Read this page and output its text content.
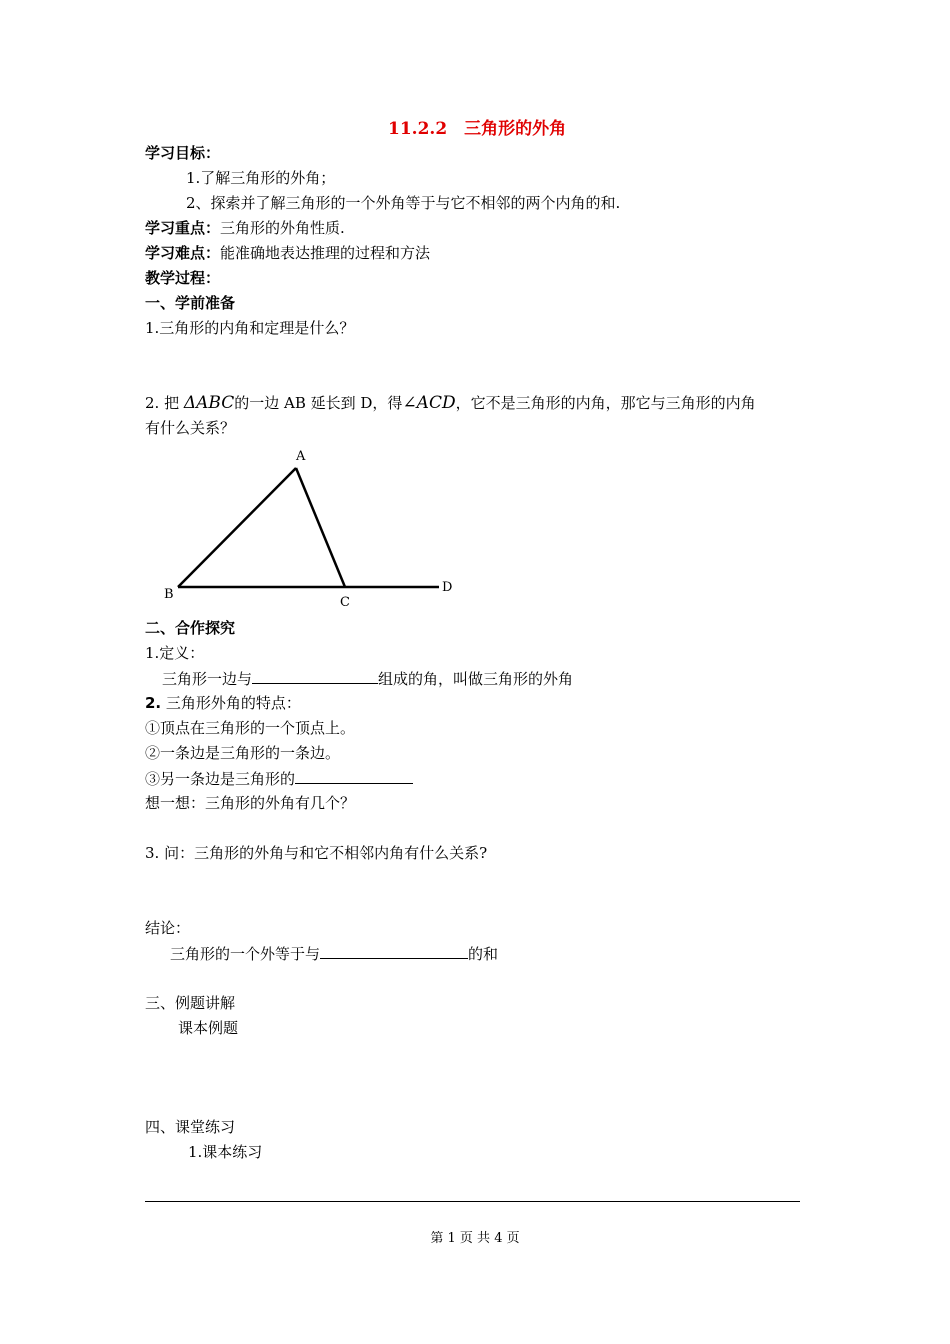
11.2.2　三角形的外角
学习目标：
1.了解三角形的外角；
2、探索并了解三角形的一个外角等于与它不相邻的两个内角的和.
学习重点：三角形的外角性质.
学习难点：能准确地表达推理的过程和方法
教学过程：
一、学前准备
1.三角形的内角和定理是什么？
2. 把 ΔABC的一边 AB 延长到 D，得∠ACD，它不是三角形的内角，那它与三角形的内角
有什么关系？
A
B
C
D
二、合作探究
1.定义：
三角形一边与	组成的角，叫做三角形的外角
2. 三角形外角的特点：
①顶点在三角形的一个顶点上。
②一条边是三角形的一条边。
③另一条边是三角形的
想一想：三角形的外角有几个？
3. 问：三角形的外角与和它不相邻内角有什么关系?
结论：
三角形的一个外等于与	的和
三、例题讲解
课本例题
四、课堂练习
1.课本练习
第 1 页 共 4 页
